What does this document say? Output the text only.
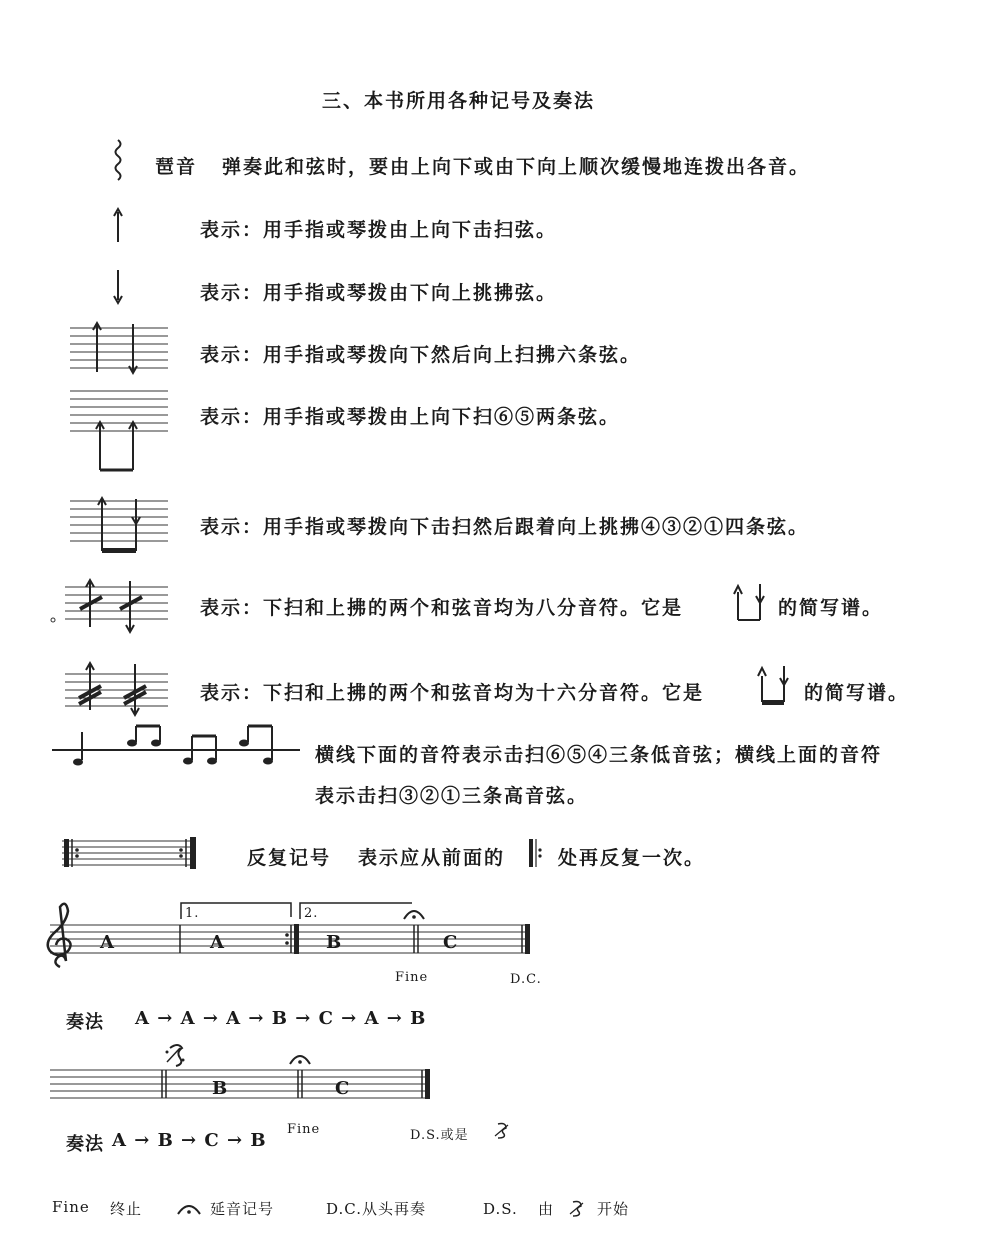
三、本书所用各种记号及奏法
琶音 弹奏此和弦时，要由上向下或由下向上顺次缓慢地连拨出各音。
表示：用手指或琴拨由上向下击扫弦。
表示：用手指或琴拨由下向上挑拂弦。
表示：用手指或琴拨向下然后向上扫拂六条弦。
表示：用手指或琴拨由上向下扫⑥⑤两条弦。
表示：用手指或琴拨向下击扫然后跟着向上挑拂④③②①四条弦。
表示：下扫和上拂的两个和弦音均为八分音符。它是	的简写谱。
表示：下扫和上拂的两个和弦音均为十六分音符。它是	的简写谱。
横线下面的音符表示击扫⑥⑤④三条低音弦；横线上面的音符
表示击扫③②①三条高音弦。
反复记号 表示应从前面的	处再反复一次。
1.	2.
A	A	B	C
Fine	D.C.
奏法 A → A → A → B → C → A → B
B	C
Fine	D.S.或是
奏法 A → B → C → B
Fine 终止	延音记号	D.C.从头再奏	D.S. 由	开始
